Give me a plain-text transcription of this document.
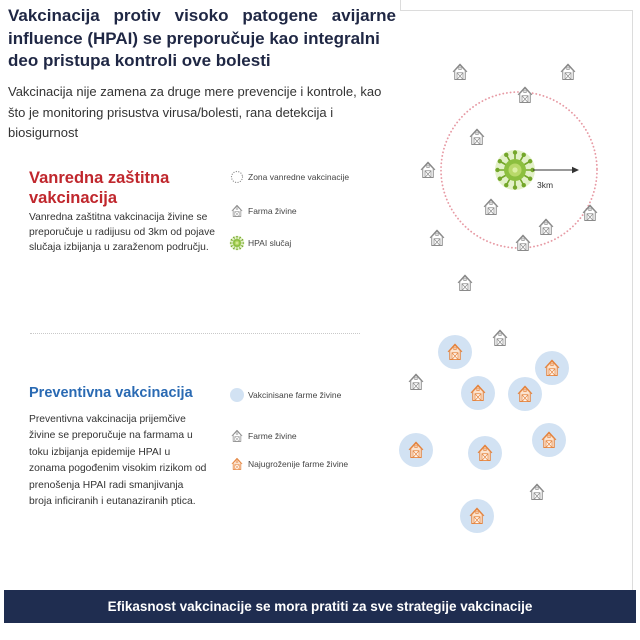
Vakcinacija protiv visoko patogene avijarne
influence (HPAI) se preporučuje kao integralni
deo pristupa kontroli ove bolesti
Vakcinacija nije zamena za druge mere prevencije i kontrole, kao
što je monitoring prisustva virusa/bolesti, rana detekcija i
biosigurnost
Vanredna zaštitna
vakcinacija
Vanredna zaštitna vakcinacija živine se
preporučuje u radijusu od 3km od pojave
slučaja izbijanja u zaraženom području.
Zona vanredne vakcinacije
Farma živine
HPAI slučaj
3km
Preventivna vakcinacija
Preventivna vakcinacija prijemčive
živine se preporučuje na farmama u
toku izbijanja epidemije HPAI u
zonama pogođenim visokim rizikom od
prenošenja HPAI radi smanjivanja
broja inficiranih i eutanaziranih ptica.
Vakcinisane farme živine
Farme živine
Najugroženije farme živine
Efikasnost vakcinacije se mora pratiti za sve strategije vakcinacije
